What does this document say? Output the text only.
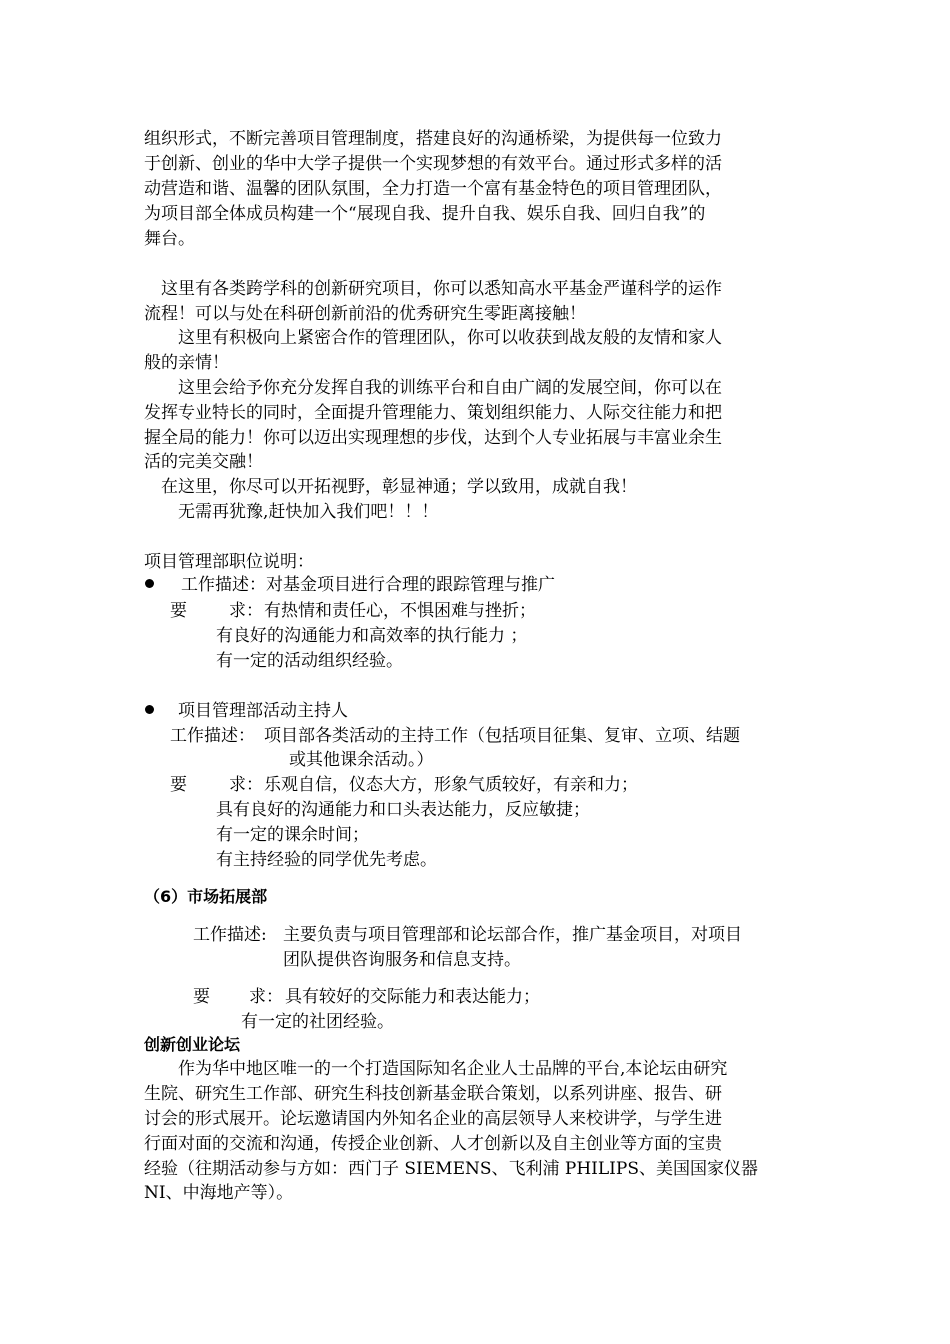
组织形式，不断完善项目管理制度，搭建良好的沟通桥梁，为提供每一位致力
于创新、创业的华中大学子提供一个实现梦想的有效平台。通过形式多样的活
动营造和谐、温馨的团队氛围，全力打造一个富有基金特色的项目管理团队，
为项目部全体成员构建一个“展现自我、提升自我、娱乐自我、回归自我”的
舞台。
这里有各类跨学科的创新研究项目，你可以悉知高水平基金严谨科学的运作
流程！可以与处在科研创新前沿的优秀研究生零距离接触！
这里有积极向上紧密合作的管理团队，你可以收获到战友般的友情和家人
般的亲情！
这里会给予你充分发挥自我的训练平台和自由广阔的发展空间，你可以在
发挥专业特长的同时，全面提升管理能力、策划组织能力、人际交往能力和把
握全局的能力！你可以迈出实现理想的步伐，达到个人专业拓展与丰富业余生
活的完美交融！
在这里，你尽可以开拓视野，彰显神通；学以致用，成就自我！
无需再犹豫,赶快加入我们吧！！！
项目管理部职位说明：
工作描述：对基金项目进行合理的跟踪管理与推广
要 求： 有热情和责任心，不惧困难与挫折；
有良好的沟通能力和高效率的执行能力 ；
有一定的活动组织经验。
项目管理部活动主持人
工作描述： 项目部各类活动的主持工作（包括项目征集、复审、立项、结题
或其他课余活动。）
要 求： 乐观自信，仪态大方，形象气质较好，有亲和力；
具有良好的沟通能力和口头表达能力，反应敏捷；
有一定的课余时间；
有主持经验的同学优先考虑。
（6）市场拓展部
工作描述: 主要负责与项目管理部和论坛部合作，推广基金项目，对项目
团队提供咨询服务和信息支持。
要 求： 具有较好的交际能力和表达能力；
有一定的社团经验。
创新创业论坛
作为华中地区唯一的一个打造国际知名企业人士品牌的平台,本论坛由研究
生院、研究生工作部、研究生科技创新基金联合策划，以系列讲座、报告、研
讨会的形式展开。论坛邀请国内外知名企业的高层领导人来校讲学，与学生进
行面对面的交流和沟通，传授企业创新、人才创新以及自主创业等方面的宝贵
经验（往期活动参与方如：西门子 SIEMENS、飞利浦 PHILIPS、美国国家仪器
NI、中海地产等）。
